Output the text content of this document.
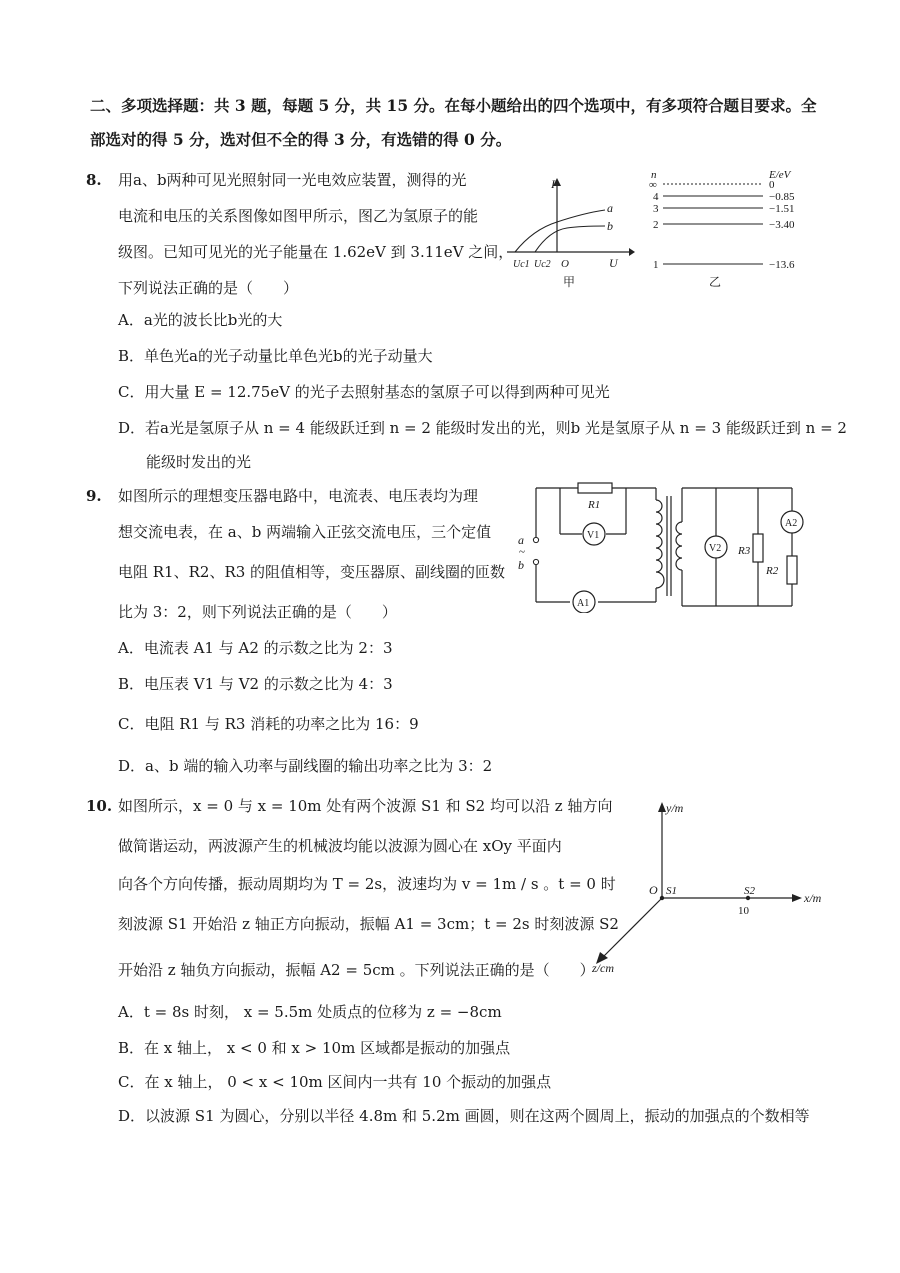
二、多项选择题：共 3 题，每题 5 分，共 15 分。在每小题给出的四个选项中，有多项符合题目要求。全
部选对的得 5 分，选对但不全的得 3 分，有选错的得 0 分。
8. 用a、b两种可见光照射同一光电效应装置，测得的光
电流和电压的关系图像如图甲所示，图乙为氢原子的能
级图。已知可见光的光子能量在 1.62eV 到 3.11eV 之间，
下列说法正确的是（　　）
A．a光的波长比b光的大
B．单色光a的光子动量比单色光b的光子动量大
C．用大量 E = 12.75eV 的光子去照射基态的氢原子可以得到两种可见光
D．若a光是氢原子从 n = 4 能级跃迁到 n = 2 能级时发出的光，则b 光是氢原子从 n = 3 能级跃迁到 n = 2
能级时发出的光
I
a
b
Uc1 Uc2 O	U
甲
n	E/eV
∞	0
4	−0.85
3	−1.51
2	−3.40
1	−13.6
乙
9. 如图所示的理想变压器电路中，电流表、电压表均为理
想交流电表，在 a、b 两端输入正弦交流电压，三个定值
电阻 R1、R2、R3 的阻值相等，变压器原、副线圈的匝数
比为 3：2，则下列说法正确的是（　　）
A．电流表 A1 与 A2 的示数之比为 2：3
B．电压表 V1 与 V2 的示数之比为 4：3
C．电阻 R1 与 R3 消耗的功率之比为 16：9
D．a、b 端的输入功率与副线圈的输出功率之比为 3：2
R1
V1
a
~
b
A1
V2 R3
A2
R2
10. 如图所示，x = 0 与 x = 10m 处有两个波源 S1 和 S2 均可以沿 z 轴方向
做简谐运动，两波源产生的机械波均能以波源为圆心在 xOy 平面内
向各个方向传播，振动周期均为 T = 2s，波速均为 v = 1m / s 。t = 0 时
刻波源 S1 开始沿 z 轴正方向振动，振幅 A1 = 3cm；t = 2s 时刻波源 S2
开始沿 z 轴负方向振动，振幅 A2 = 5cm 。下列说法正确的是（　　）
A．t = 8s 时刻， x = 5.5m 处质点的位移为 z = −8cm
B．在 x 轴上， x < 0 和 x > 10m 区域都是振动的加强点
C．在 x 轴上， 0 < x < 10m 区间内一共有 10 个振动的加强点
D．以波源 S1 为圆心，分别以半径 4.8m 和 5.2m 画圆，则在这两个圆周上，振动的加强点的个数相等
y/m
x/m
z/cm
O S1	S2
10
